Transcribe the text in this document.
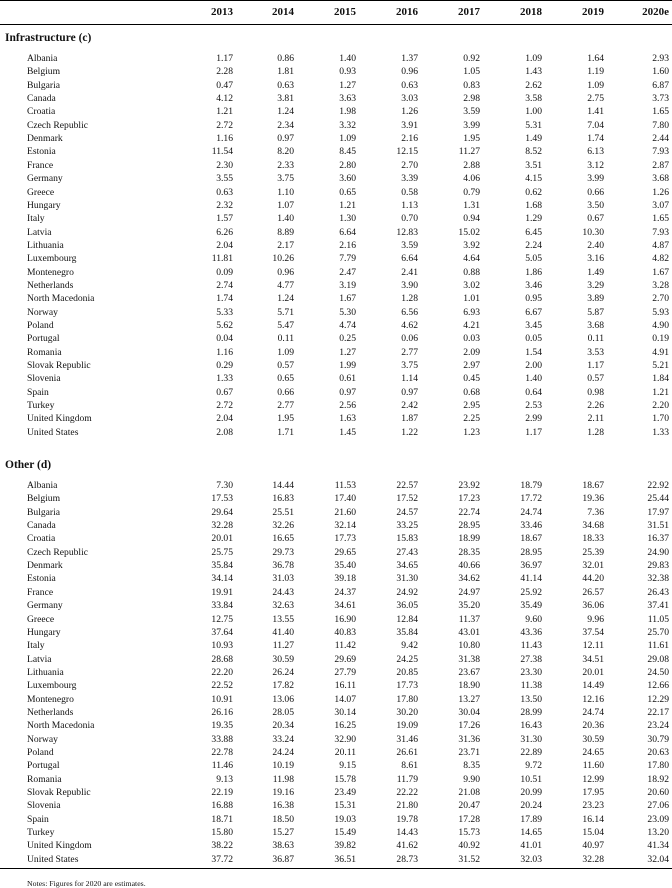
2013	2014	2015	2016	2017	2018	2019	2020e
Infrastructure (c)
Albania	1.17	0.86	1.40	1.37	0.92	1.09	1.64	2.93
Belgium	2.28	1.81	0.93	0.96	1.05	1.43	1.19	1.60
Bulgaria	0.47	0.63	1.27	0.63	0.83	2.62	1.09	6.87
Canada	4.12	3.81	3.63	3.03	2.98	3.58	2.75	3.73
Croatia	1.21	1.24	1.98	1.26	3.59	1.00	1.41	1.65
Czech Republic	2.72	2.34	3.32	3.91	3.99	5.31	7.04	7.80
Denmark	1.16	0.97	1.09	2.16	1.95	1.49	1.74	2.44
Estonia	11.54	8.20	8.45	12.15	11.27	8.52	6.13	7.93
France	2.30	2.33	2.80	2.70	2.88	3.51	3.12	2.87
Germany	3.55	3.75	3.60	3.39	4.06	4.15	3.99	3.68
Greece	0.63	1.10	0.65	0.58	0.79	0.62	0.66	1.26
Hungary	2.32	1.07	1.21	1.13	1.31	1.68	3.50	3.07
Italy	1.57	1.40	1.30	0.70	0.94	1.29	0.67	1.65
Latvia	6.26	8.89	6.64	12.83	15.02	6.45	10.30	7.93
Lithuania	2.04	2.17	2.16	3.59	3.92	2.24	2.40	4.87
Luxembourg	11.81	10.26	7.79	6.64	4.64	5.05	3.16	4.82
Montenegro	0.09	0.96	2.47	2.41	0.88	1.86	1.49	1.67
Netherlands	2.74	4.77	3.19	3.90	3.02	3.46	3.29	3.28
North Macedonia	1.74	1.24	1.67	1.28	1.01	0.95	3.89	2.70
Norway	5.33	5.71	5.30	6.56	6.93	6.67	5.87	5.93
Poland	5.62	5.47	4.74	4.62	4.21	3.45	3.68	4.90
Portugal	0.04	0.11	0.25	0.06	0.03	0.05	0.11	0.19
Romania	1.16	1.09	1.27	2.77	2.09	1.54	3.53	4.91
Slovak Republic	0.29	0.57	1.99	3.75	2.97	2.00	1.17	5.21
Slovenia	1.33	0.65	0.61	1.14	0.45	1.40	0.57	1.84
Spain	0.67	0.66	0.97	0.97	0.68	0.64	0.98	1.21
Turkey	2.72	2.77	2.56	2.42	2.95	2.53	2.26	2.20
United Kingdom	2.04	1.95	1.63	1.87	2.25	2.99	2.11	1.70
United States	2.08	1.71	1.45	1.22	1.23	1.17	1.28	1.33
Other (d)
Albania	7.30	14.44	11.53	22.57	23.92	18.79	18.67	22.92
Belgium	17.53	16.83	17.40	17.52	17.23	17.72	19.36	25.44
Bulgaria	29.64	25.51	21.60	24.57	22.74	24.74	7.36	17.97
Canada	32.28	32.26	32.14	33.25	28.95	33.46	34.68	31.51
Croatia	20.01	16.65	17.73	15.83	18.99	18.67	18.33	16.37
Czech Republic	25.75	29.73	29.65	27.43	28.35	28.95	25.39	24.90
Denmark	35.84	36.78	35.40	34.65	40.66	36.97	32.01	29.83
Estonia	34.14	31.03	39.18	31.30	34.62	41.14	44.20	32.38
France	19.91	24.43	24.37	24.92	24.97	25.92	26.57	26.43
Germany	33.84	32.63	34.61	36.05	35.20	35.49	36.06	37.41
Greece	12.75	13.55	16.90	12.84	11.37	9.60	9.96	11.05
Hungary	37.64	41.40	40.83	35.84	43.01	43.36	37.54	25.70
Italy	10.93	11.27	11.42	9.42	10.80	11.43	12.11	11.61
Latvia	28.68	30.59	29.69	24.25	31.38	27.38	34.51	29.08
Lithuania	22.20	26.24	27.79	20.85	23.67	23.30	20.01	24.50
Luxembourg	22.52	17.82	16.11	17.73	18.90	11.38	14.49	12.66
Montenegro	10.91	13.06	14.07	17.80	13.27	13.50	12.16	12.29
Netherlands	26.16	28.05	30.14	30.20	30.04	28.99	24.74	22.17
North Macedonia	19.35	20.34	16.25	19.09	17.26	16.43	20.36	23.24
Norway	33.88	33.24	32.90	31.46	31.36	31.30	30.59	30.79
Poland	22.78	24.24	20.11	26.61	23.71	22.89	24.65	20.63
Portugal	11.46	10.19	9.15	8.61	8.35	9.72	11.60	17.80
Romania	9.13	11.98	15.78	11.79	9.90	10.51	12.99	18.92
Slovak Republic	22.19	19.16	23.49	22.22	21.08	20.99	17.95	20.60
Slovenia	16.88	16.38	15.31	21.80	20.47	20.24	23.23	27.06
Spain	18.71	18.50	19.03	19.78	17.28	17.89	16.14	23.09
Turkey	15.80	15.27	15.49	14.43	15.73	14.65	15.04	13.20
United Kingdom	38.22	38.63	39.82	41.62	40.92	41.01	40.97	41.34
United States	37.72	36.87	36.51	28.73	31.52	32.03	32.28	32.04
Notes: Figures for 2020 are estimates.
